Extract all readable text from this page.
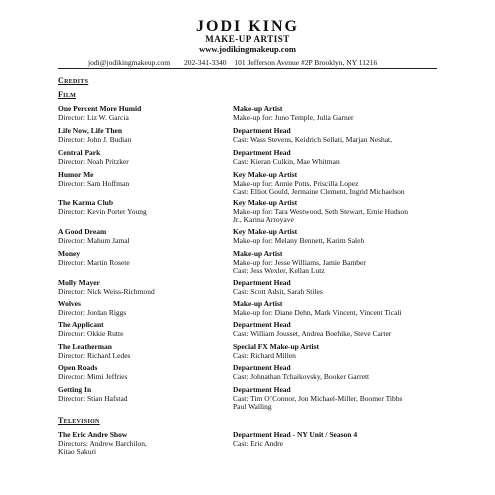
JODI KING
MAKE-UP ARTIST
www.jodikingmakeup.com
jodi@jodikingmakeup.com 202-341-3340 101 Jefferson Avenue #2P Brooklyn, NY 11216
Credits
Film
One Percent More Humid
Director: Liz W. Garcia
Make-up Artist
Make-up for: Juno Temple, Julia Garner
Life Now, Life Then
Director: John J. Budian
Department Head
Cast: Wass Stevens, Keidrich Sellati, Marjan Neshat,
Central Park
Director: Noah Pritzker
Department Head
Cast: Kieran Culkin, Mae Whitman
Humor Me
Director: Sam Hoffman
Key Make-up Artist
Make-up for: Annie Potts, Priscilla Lopez
Cast: Elliot Gould, Jermaine Clement, Ingrid Michaelson
The Karma Club
Director: Kevin Porter Young
Key Make-up Artist
Make-up for: Tara Westwood, Seth Stewart, Ernie Hudson
Jr., Karina Arroyave
A Good Dream
Director: Mahum Jamal
Key Make-up Artist
Make-up for: Melany Bennett, Karim Saleh
Money
Director: Martin Rosete
Make-up Artist
Make-up for: Jesse Williams, Jamie Bamber
Cast: Jess Wexler, Kellan Lutz
Molly Mayer
Director: Nick Weiss-Richmond
Department Head
Cast: Scott Adsit, Sarah Stiles
Wolves
Director: Jordan Riggs
Make-up Artist
Make-up for: Diane Dehn, Mark Vincent, Vincent Ticali
The Applicant
Director: Okkie Rutte
Department Head
Cast: William Jousset, Andrea Boehike, Steve Carter
The Leatherman
Director: Richard Ledes
Special FX Make-up Artist
Cast: Richard Millen
Open Roads
Director: Mimi Jeffries
Department Head
Cast: Johnathan Tchaikovsky, Booker Garrett
Getting In
Director: Stian Hafstad
Department Head
Cast: Tim O’Connor, Jon Michael-Miller, Boomer Tibbs
Paul Walling
Television
The Eric Andre Show
Directors: Andrew Barchilon,
Kitao Sakuri
Department Head - NY Unit / Season 4
Cast: Eric Andre
